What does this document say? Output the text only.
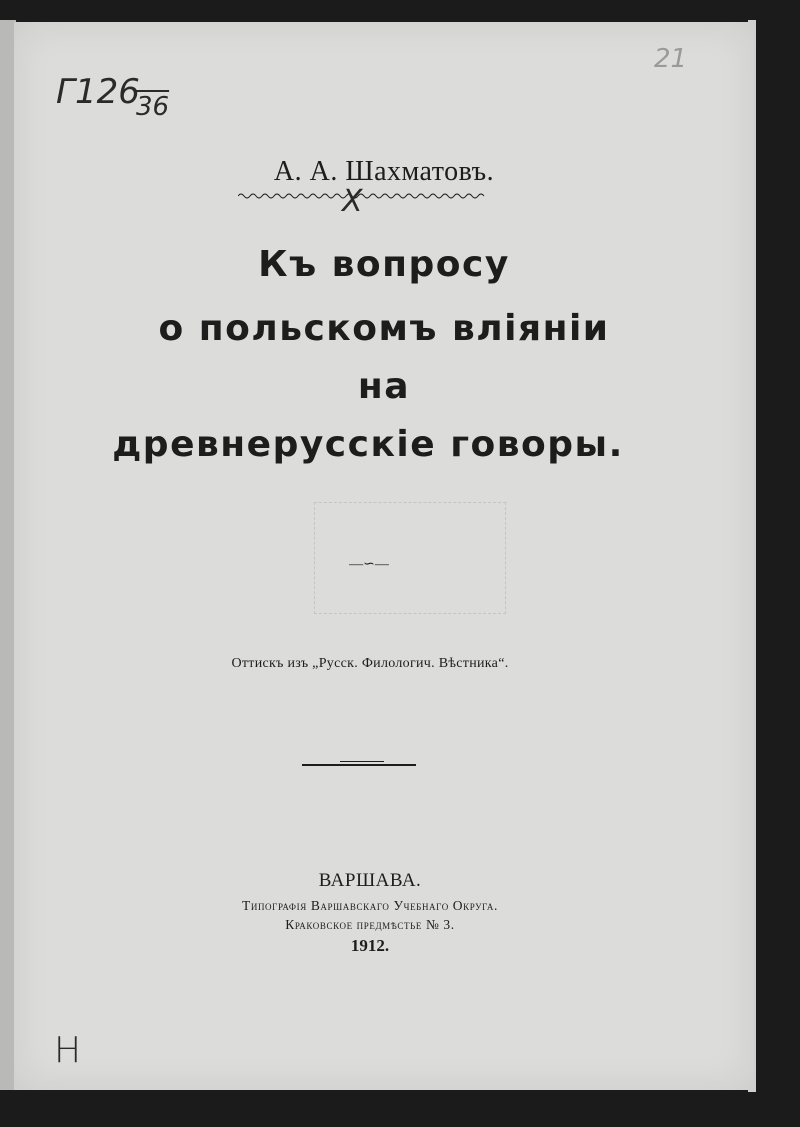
Г126
36
21
А. А. Шахматовъ.
X
Къ вопросу
о польскомъ вліяніи
на
древнерусскіе говоры.
—∽—
Оттискъ изъ „Русск. Филологич. Вѣстника“.
ВАРШАВА.
Типографія Варшавскаго Учебнаго Округа.
Краковское предмѣстье № 3.
1912.
Н
